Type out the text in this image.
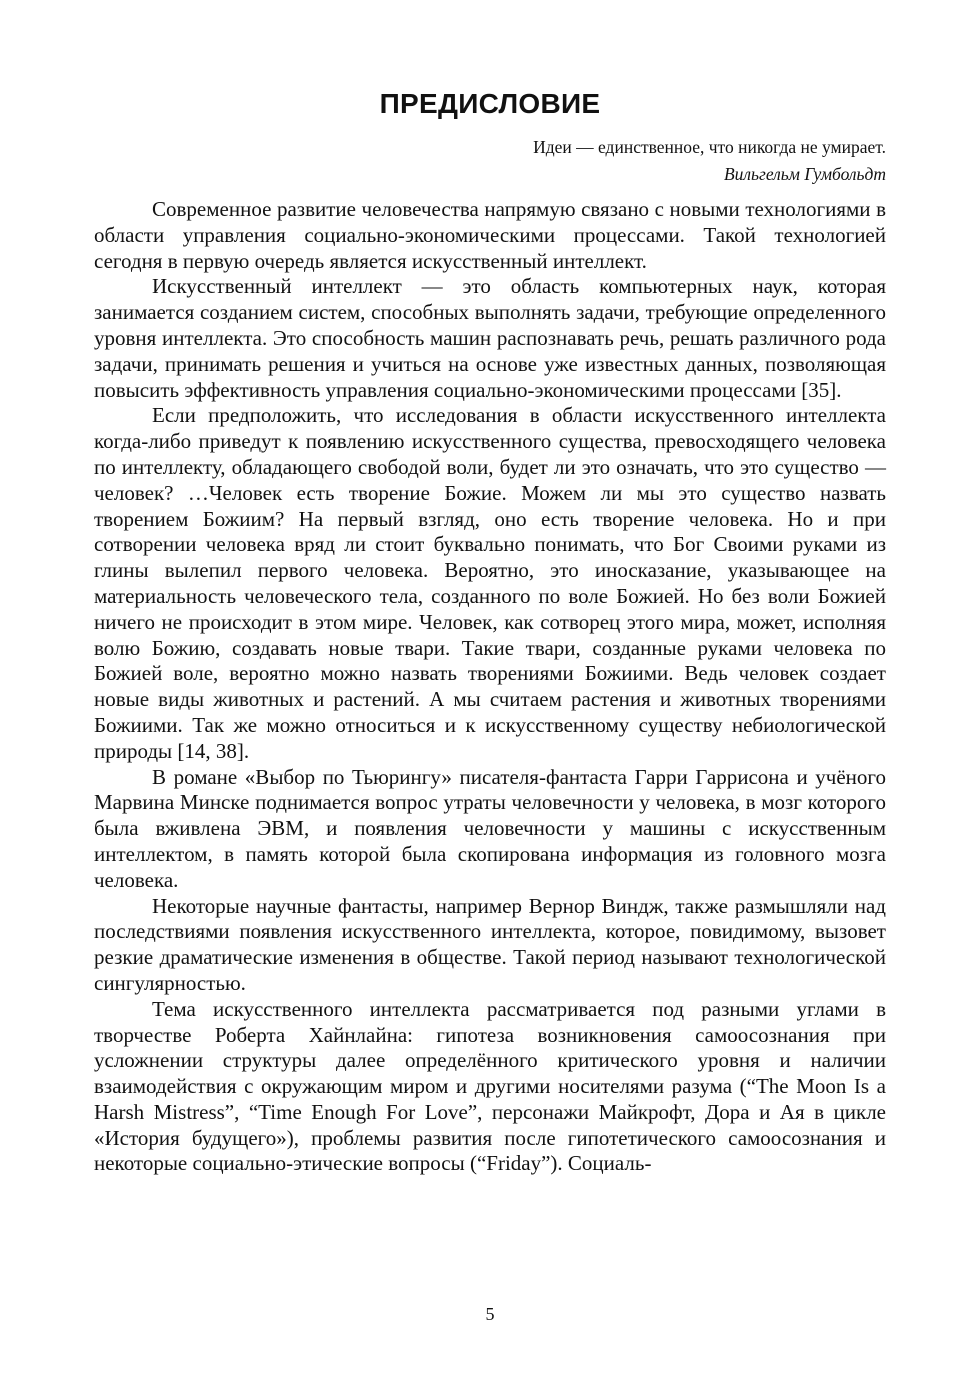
ПРЕДИСЛОВИЕ
Идеи — единственное, что никогда не умирает.
Вильгельм Гумбольдт

Современное развитие человечества напрямую связано с новыми технологиями в области управления социально-экономическими процессами. Такой технологией сегодня в первую очередь является искусственный интеллект.

Искусственный интеллект — это область компьютерных наук, которая занимается созданием систем, способных выполнять задачи, требующие определенного уровня интеллекта. Это способность машин распознавать речь, решать различного рода задачи, принимать решения и учиться на основе уже известных данных, позволяющая повысить эффективность управления социально-экономическими процессами [35].

Если предположить, что исследования в области искусственного интеллекта когда-либо приведут к появлению искусственного существа, превосходящего человека по интеллекту, обладающего свободой воли, будет ли это означать, что это существо — человек? …Человек есть творение Божие. Можем ли мы это существо назвать творением Божиим? На первый взгляд, оно есть творение человека. Но и при сотворении человека вряд ли стоит буквально понимать, что Бог Своими руками из глины вылепил первого человека. Вероятно, это иносказание, указывающее на материальность человеческого тела, созданного по воле Божией. Но без воли Божией ничего не происходит в этом мире. Человек, как сотворец этого мира, может, исполняя волю Божию, создавать новые твари. Такие твари, созданные руками человека по Божией воле, вероятно можно назвать творениями Божиими. Ведь человек создает новые виды животных и растений. А мы считаем растения и животных творениями Божиими. Так же можно относиться и к искусственному существу небиологической природы [14, 38].

В романе «Выбор по Тьюрингу» писателя-фантаста Гарри Гаррисона и учёного Марвина Минске поднимается вопрос утраты человечности у человека, в мозг которого была вживлена ЭВМ, и появления человечности у машины с искусственным интеллектом, в память которой была скопирована информация из головного мозга человека.

Некоторые научные фантасты, например Вернор Виндж, также размышляли над последствиями появления искусственного интеллекта, которое, повидимому, вызовет резкие драматические изменения в обществе. Такой период называют технологической сингулярностью.

Тема искусственного интеллекта рассматривается под разными углами в творчестве Роберта Хайнлайна: гипотеза возникновения самоосознания при усложнении структуры далее определённого критического уровня и наличии взаимодействия с окружающим миром и другими носителями разума (“The Moon Is a Harsh Mistress”, “Time Enough For Love”, персонажи Майкрофт, Дора и Ая в цикле «История будущего»), проблемы развития после гипотетического самоосознания и некоторые социально-этические вопросы (“Friday”). Социаль-

5
